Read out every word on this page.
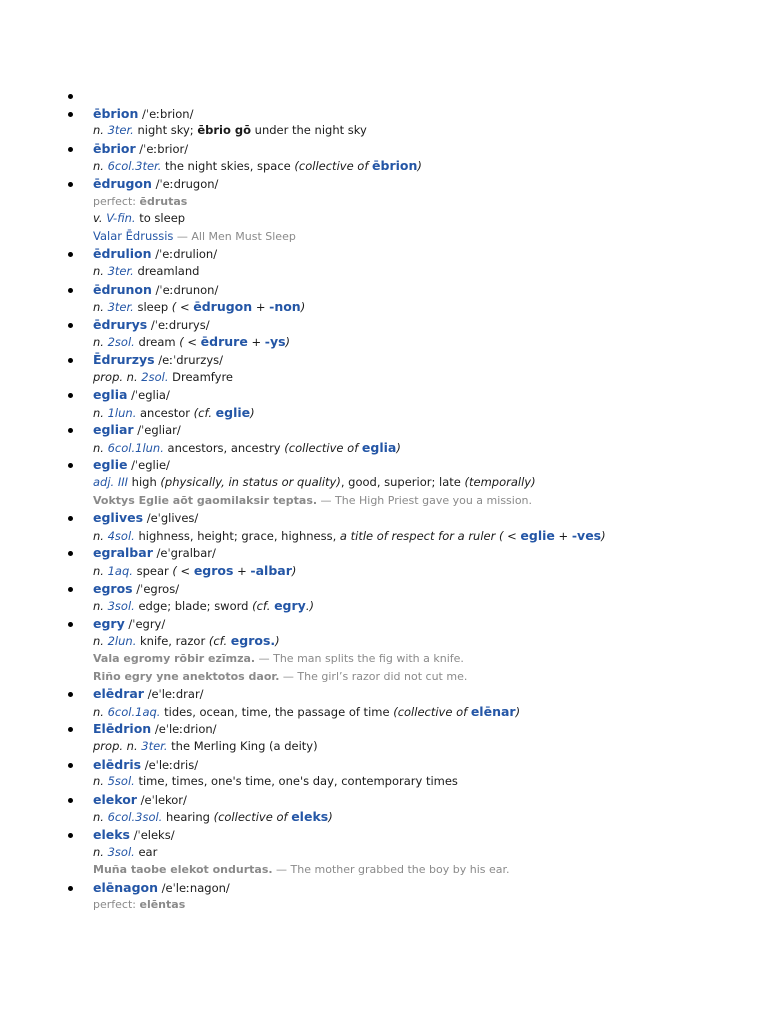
ēbrion /ˈeːbrion/
n. 3ter. night sky; ēbrio gō under the night sky
ēbrior /ˈeːbrior/
n. 6col.3ter. the night skies, space (collective of ēbrion)
ēdrugon /ˈeːdrugon/
perfect: ēdrutas
v. V-fin. to sleep
Valar Ēdrussis — All Men Must Sleep
ēdrulion /ˈeːdrulion/
n. 3ter. dreamland
ēdrunon /ˈeːdrunon/
n. 3ter. sleep ( < ēdrugon + -non)
ēdrurys /ˈeːdrurys/
n. 2sol. dream ( < ēdrure + -ys)
Ēdrurzys /eːˈdrurzys/
prop. n. 2sol. Dreamfyre
eglia /ˈeglia/
n. 1lun. ancestor (cf. eglie)
egliar /ˈegliar/
n. 6col.1lun. ancestors, ancestry (collective of eglia)
eglie /ˈeglie/
adj. III high (physically, in status or quality), good, superior; late (temporally)
Voktys Eglie aōt gaomilaksir teptas. — The High Priest gave you a mission.
eglives /eˈglives/
n. 4sol. highness, height; grace, highness, a title of respect for a ruler ( < eglie + -ves)
egralbar /eˈgralbar/
n. 1aq. spear ( < egros + -albar)
egros /ˈegros/
n. 3sol. edge; blade; sword (cf. egry.)
egry /ˈegry/
n. 2lun. knife, razor (cf. egros.)
Vala egromy rōbir ezīmza. — The man splits the fig with a knife.
Riño egry yne anektotos daor. — The girl’s razor did not cut me.
elēdrar /eˈleːdrar/
n. 6col.1aq. tides, ocean, time, the passage of time (collective of elēnar)
Elēdrion /eˈleːdrion/
prop. n. 3ter. the Merling King (a deity)
elēdris /eˈleːdris/
n. 5sol. time, times, one's time, one's day, contemporary times
elekor /eˈlekor/
n. 6col.3sol. hearing (collective of eleks)
eleks /ˈeleks/
n. 3sol. ear
Muña taobe elekot ondurtas. — The mother grabbed the boy by his ear.
elēnagon /eˈleːnagon/
perfect: elēntas
